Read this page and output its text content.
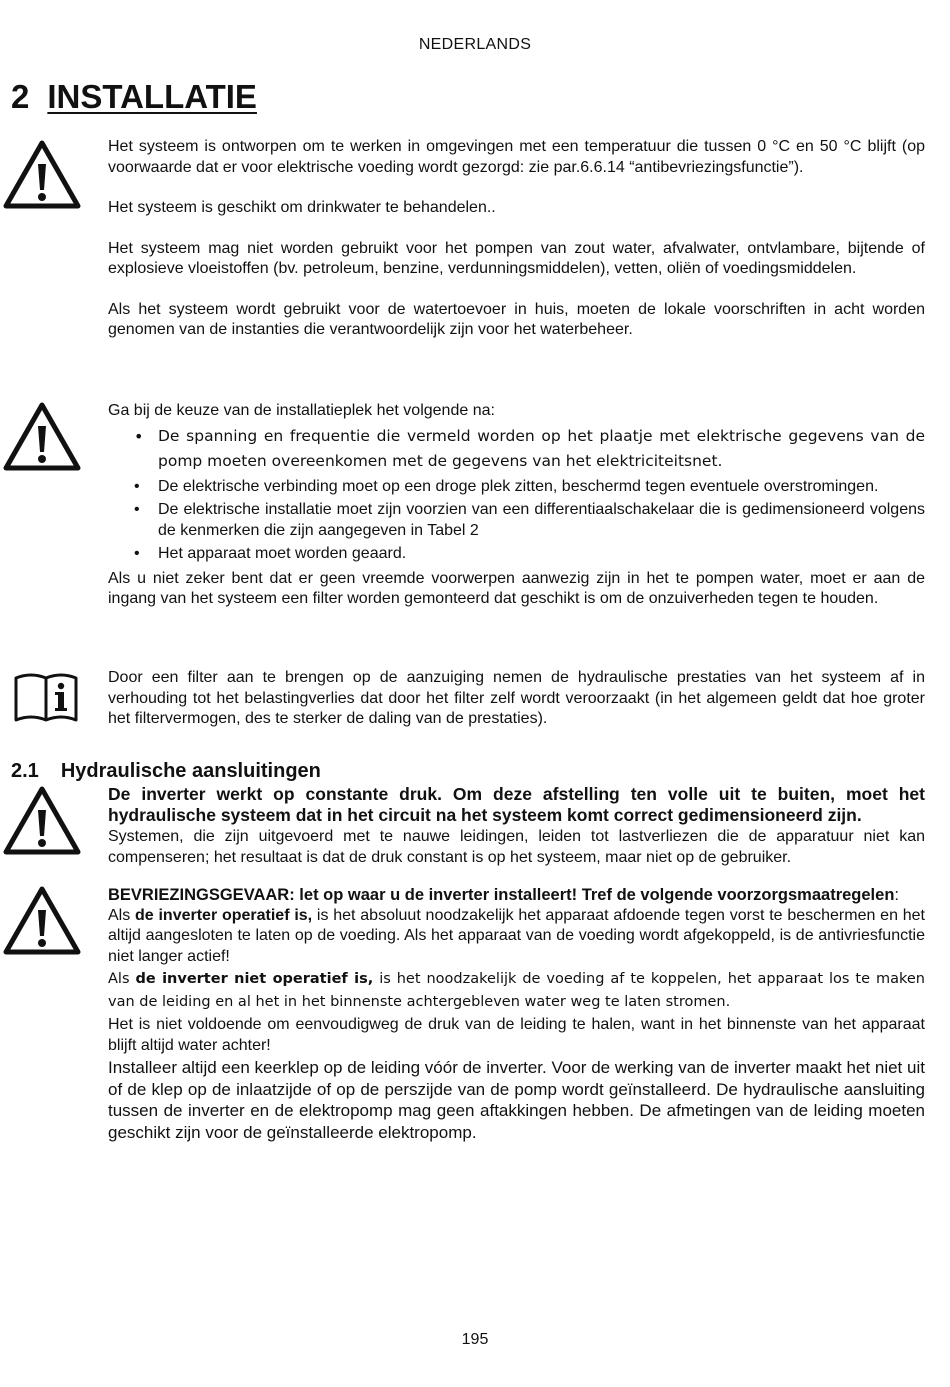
NEDERLANDS
2 INSTALLATIE

Het systeem is ontworpen om te werken in omgevingen met een temperatuur die tussen 0 °C en 50 °C blijft (op voorwaarde dat er voor elektrische voeding wordt gezorgd: zie par.6.6.14 “antibevriezingsfunctie”).

Het systeem is geschikt om drinkwater te behandelen..

Het systeem mag niet worden gebruikt voor het pompen van zout water, afvalwater, ontvlambare, bijtende of explosieve vloeistoffen (bv. petroleum, benzine, verdunningsmiddelen), vetten, oliën of voedingsmiddelen.

Als het systeem wordt gebruikt voor de watertoevoer in huis, moeten de lokale voorschriften in acht worden genomen van de instanties die verantwoordelijk zijn voor het waterbeheer.

Ga bij de keuze van de installatieplek het volgende na:

• De spanning en frequentie die vermeld worden op het plaatje met elektrische gegevens van de pomp moeten overeenkomen met de gegevens van het elektriciteitsnet.
• De elektrische verbinding moet op een droge plek zitten, beschermd tegen eventuele overstromingen.
• De elektrische installatie moet zijn voorzien van een differentiaalschakelaar die is gedimensioneerd volgens de kenmerken die zijn aangegeven in Tabel 2
• Het apparaat moet worden geaard.

Als u niet zeker bent dat er geen vreemde voorwerpen aanwezig zijn in het te pompen water, moet er aan de ingang van het systeem een filter worden gemonteerd dat geschikt is om de onzuiverheden tegen te houden.

Door een filter aan te brengen op de aanzuiging nemen de hydraulische prestaties van het systeem af in verhouding tot het belastingverlies dat door het filter zelf wordt veroorzaakt (in het algemeen geldt dat hoe groter het filtervermogen, des te sterker de daling van de prestaties).

2.1 Hydraulische aansluitingen

De inverter werkt op constante druk. Om deze afstelling ten volle uit te buiten, moet het hydraulische systeem dat in het circuit na het systeem komt correct gedimensioneerd zijn.

Systemen, die zijn uitgevoerd met te nauwe leidingen, leiden tot lastverliezen die de apparatuur niet kan compenseren; het resultaat is dat de druk constant is op het systeem, maar niet op de gebruiker.

BEVRIEZINGSGEVAAR: let op waar u de inverter installeert! Tref de volgende voorzorgsmaatregelen:

Als de inverter operatief is, is het absoluut noodzakelijk het apparaat afdoende tegen vorst te beschermen en het altijd aangesloten te laten op de voeding. Als het apparaat van de voeding wordt afgekoppeld, is de antivriesfunctie niet langer actief!

Als de inverter niet operatief is, is het noodzakelijk de voeding af te koppelen, het apparaat los te maken van de leiding en al het in het binnenste achtergebleven water weg te laten stromen.

Het is niet voldoende om eenvoudigweg de druk van de leiding te halen, want in het binnenste van het apparaat blijft altijd water achter!

Installeer altijd een keerklep op de leiding vóór de inverter. Voor de werking van de inverter maakt het niet uit of de klep op de inlaatzijde of op de perszijde van de pomp wordt geïnstalleerd. De hydraulische aansluiting tussen de inverter en de elektropomp mag geen aftakkingen hebben. De afmetingen van de leiding moeten geschikt zijn voor de geïnstalleerde elektropomp.

195
